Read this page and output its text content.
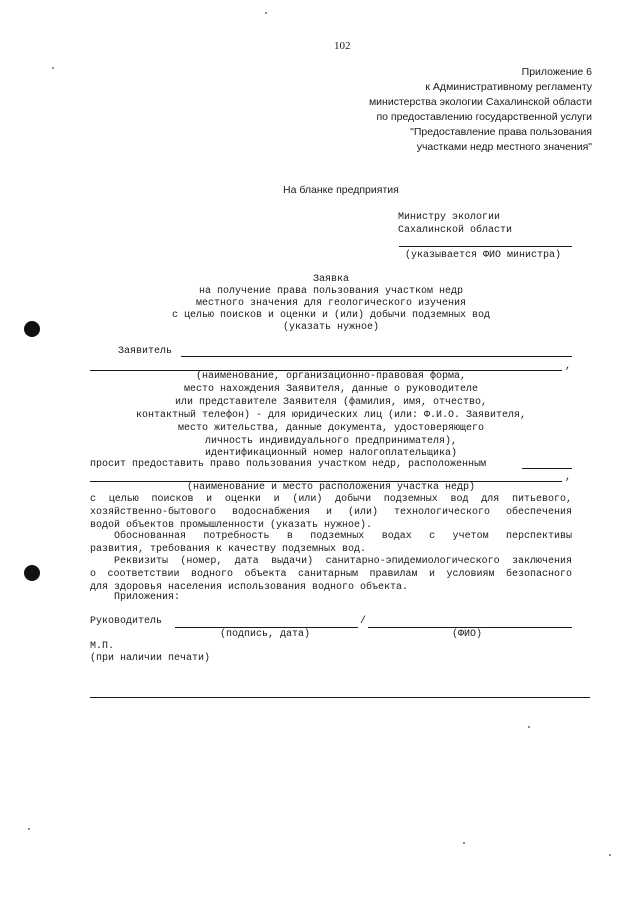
102
Приложение 6
к Административному регламенту
министерства экологии Сахалинской области
по предоставлению государственной услуги
"Предоставление права пользования
участками недр местного значения"
На бланке предприятия
Министру экологии
Сахалинской области
(указывается ФИО министра)
Заявка
на получение права пользования участком недр
местного значения для геологического изучения
с целью поисков и оценки и (или) добычи подземных вод
(указать нужное)
Заявитель
,
(наименование, организационно-правовая форма,
место нахождения Заявителя, данные о руководителе
или представителе Заявителя (фамилия, имя, отчество,
контактный телефон) - для юридических лиц (или: Ф.И.О. Заявителя,
место жительства, данные документа, удостоверяющего
личность индивидуального предпринимателя),
идентификационный номер налогоплательщика)
просит предоставить право пользования участком недр, расположенным
,
(наименование и место расположения участка недр)
с целью поисков и оценки и (или) добычи подземных вод для питьевого,
хозяйственно-бытового водоснабжения и (или) технологического обеспечения
водой объектов промышленности (указать нужное).
Обоснованная потребность в подземных водах с учетом перспективы
развития, требования к качеству подземных вод.
Реквизиты (номер, дата выдачи) санитарно-эпидемиологического заключения
о соответствии водного объекта санитарным правилам и условиям безопасного
для здоровья населения использования водного объекта.
Приложения:
Руководитель	/
(подпись, дата)	(ФИО)
М.П.
(при наличии печати)
